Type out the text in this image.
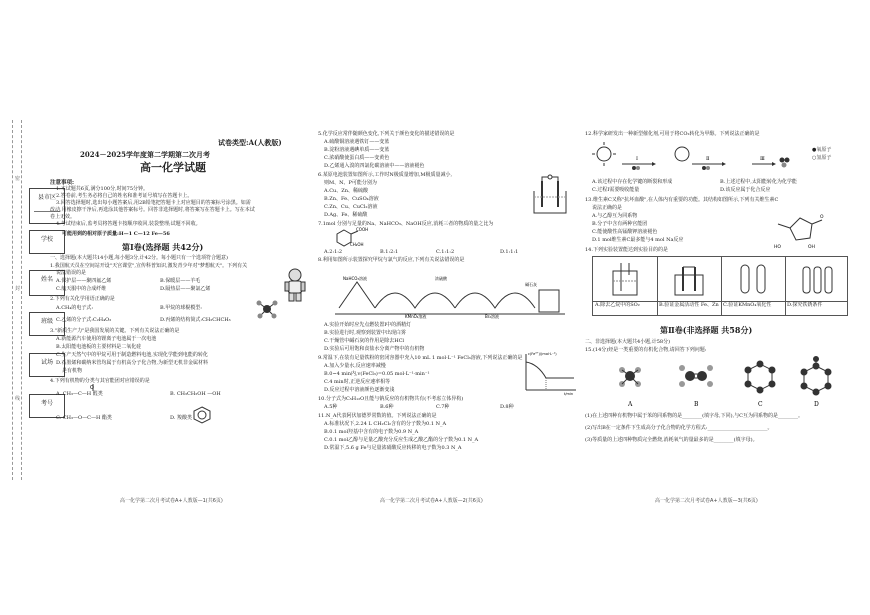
密
封
线
县市区
学校
姓名
班级
试场
考号
试卷类型:A(人教版)
2024－2025学年度第二学期第二次月考
高一化学试题
注意事项:
1.本试题共6页,满分100分,时间75分钟。
2.答卷前,考生务必将自己的姓名和准考证号填写在答题卡上。
3.回答选择题时,选出每小题答案后,用2B铅笔把答题卡上对应题目的答案标号涂黑。如需
改动,用橡皮擦干净后,再选涂其他答案标号。回答非选择题时,将答案写在答题卡上。写在本试
卷上无效。
4.考试结束后,监考员将答题卡按顺序收回,装袋整理;试题不回收。
可能用到的相对原子质量:H—1 C—12 Fe—56
第Ⅰ卷(选择题 共42分)
一、选择题(本大题共14小题,每小题3分,计42分。每小题只有一个选项符合题意)
1.我国航天员在空间站开设"天宫课堂",宣传科普知识,激发青少年对"梦想航天"。下列有关
说法错误的是
A.保护层——聚四氟乙烯
C.航天服中的合成纤维
B.保暖层——羊毛
D.隔热层——聚氯乙烯
2.下列有关化学用语正确的是
A.CH₄的电子式:	B.甲烷的球棍模型:
C.乙烯的分子式:C₂H₄O₂	D.丙烯的结构简式:CH₂CHCH₃
3."新质生产力"是我国发展的关键。下列有关说法正确的是
A.新能源汽车使用的锂离子电池属于一次电池
B.太阳能电池板的主要材料是二氧化硅
C.生产天然气中的甲烷可用于制造燃料电池,实现化学能到电能的转化
D.石墨烯和碳纳米管均属于有机高分子化合物,为新型无机非金属材料
是有机物
4.下列有机物的分类与其官能团对应错误的是
A. CH₃—C—H 醛类	B. CH₃CH₂OH —OH
C. CH₃—O—C—H 酯类	D. 羧酸类
O
高一化学第二次月考试卷A+人教版—1(共6页)
5.化学反应常伴随颜色变化,下列关于颜色变化的描述错误的是
A.硫酸铜溶液遇铁钉——变蓝
B.淀粉溶液遇碘单质——变蓝
C.浓硝酸使蛋白质——变黄色
D.乙烯通入溴的四氯化碳溶液中——溶液褪色
6.某原电池装置如图所示,工作时N极质量增加,M极质量减小,
则M、N、P可能分别为
A.Cu、Zn、稀硫酸
B.Zn、Fe、CuSO₄溶液
C.Zn、Cu、CuCl₂溶液
D.Ag、Fe、稀硫酸
7.1mol 分别与足量的Na、NaHCO₃、NaOH反应,消耗三者的物质的量之比为
COOH
CH₂OH
A.2:1:2	B.1:2:1	C.1:1:2	D.1:1:1
8.利用如图所示装置探究甲烷与氯气的反应,下列有关说法错误的是
KMnO₄溶液	Br₂溶液
碱石灰
NaHCO₃溶液	浓硫酸
A.实验开始时应先点燃装置Ⅰ中的酒精灯
B.实验进行时,观察到装置中出现白雾
C.干燥管中碱石灰的作用是除去HCl
D.实验后可用饱和食盐水分离产物中的有机物
9.常温下,在装有足量铁粉的密闭容器中充入10 mL 1 mol·L⁻¹ FeCl₃溶液,下列说法正确的是
A.加入少量水,反应速率减慢
B.0~4 min内,v(FeCl₃)=0.05 mol·L⁻¹·min⁻¹
C.4 min时,正逆反应速率相等
D.反应过程中溶液颜色逐渐变浅
c(Fe³⁺)/(mol·L⁻¹)
t/min
10.分子式为C₅H₁₂O且能与钠反应的有机物共有(不考虑立体异构)
A.5种	B.6种	C.7种	D.8种
11.N_A代表阿伏加德罗常数的值。下列说法正确的是
A.标准状况下,2.24 L CH₂Cl₂含有的分子数为0.1 N_A
B.0.1 mol羟基中含有的电子数为0.9 N_A
C.0.1 mol乙醇与足量乙酸充分反应生成乙酸乙酯的分子数为0.1 N_A
D.常温下,5.6 g Fe与足量浓硝酸反应转移的电子数为0.3 N_A
高一化学第二次月考试卷A+人教版—2(共6页)
12.科学家研发出一种新型催化剂,可用于将CO₂转化为甲醇。下列说法正确的是
Ⅰ	Ⅱ	Ⅲ
●氧原子
○氢原子
A.该过程中存在化学键的断裂和形成	B.上述过程中,太阳能转化为化学能
C.过程Ⅰ需要吸收能量	D.该反应属于化合反应
13.维生素C又称"抗坏血酸",在人体内有重要的功能。其结构如图所示,下列有关维生素C
说法正确的是
A.与乙醇互为同系物
B.分子中含有两种官能团
C.能使酸性高锰酸钾溶液褪色
D.1 mol维生素C最多能与4 mol Na反应
HO	OH
O
14.下列实验装置能达到实验目的的是
A.除去乙烷中的SO₂	B.验证金属活动性 Fe、Zn C.验证KMnO₄氧化性	D.探究铁锈条件
第Ⅱ卷(非选择题 共58分)
二、非选择题(本大题共4小题,计58分)
15.(14分)烃是一类重要的有机化合物,请回答下列问题:
A	B	C	D
(1)在上述四种有机物中属于苯的同系物的是________(填字母,下同),与C互为同系物的是________。
(2)写出B在一定条件下生成高分子化合物的化学方程式:________________________。
(3)等质量的上述四种物质完全燃烧,消耗氧气的量最多的是________(填字母)。
高一化学第二次月考试卷A+人教版—3(共6页)
